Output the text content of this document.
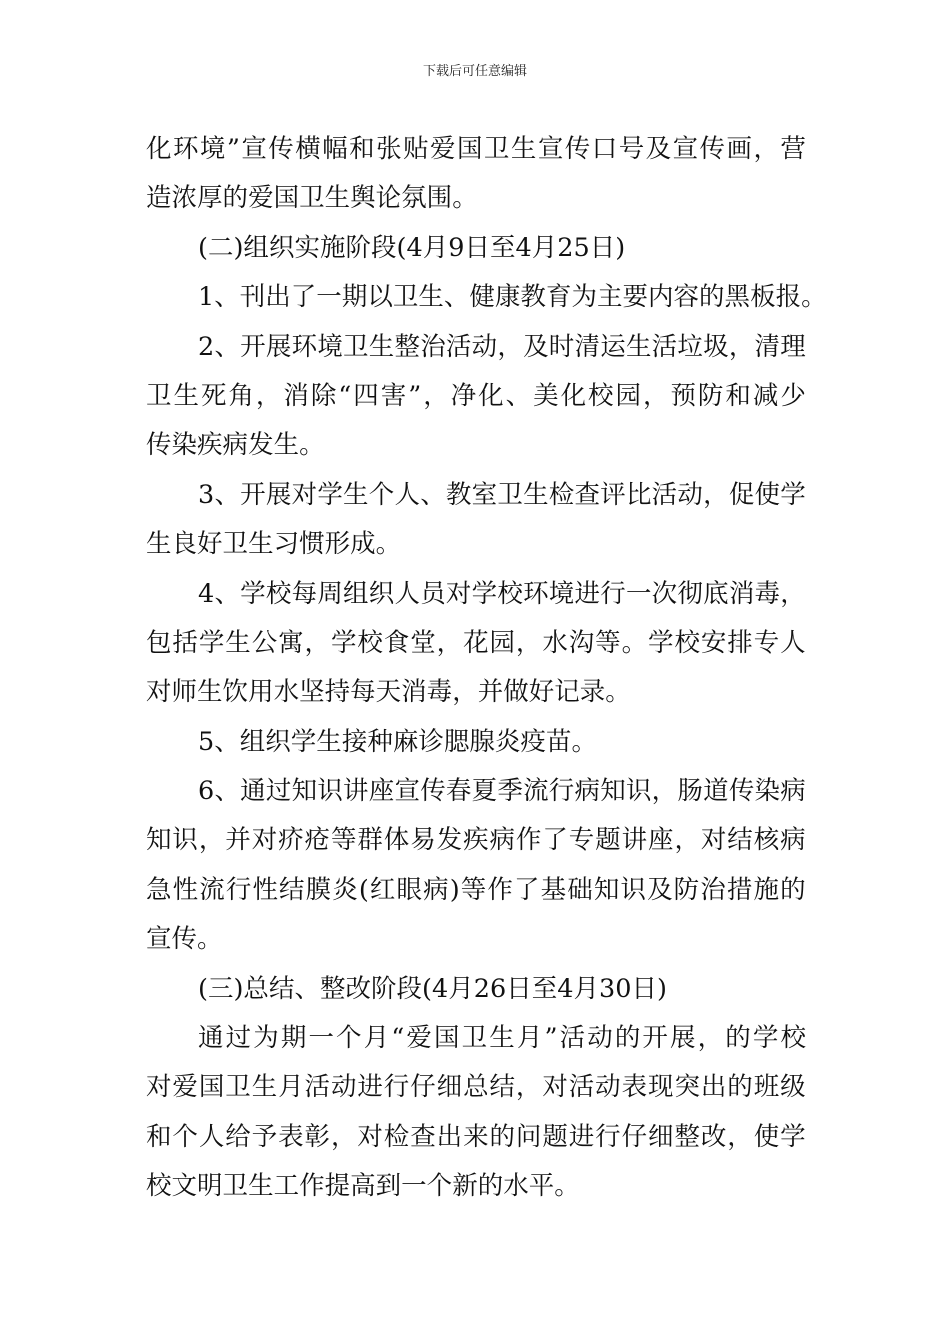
下载后可任意编辑
化 环 境 ” 宣 传 横 幅 和 张 贴 爱 国 卫 生 宣 传 口 号 及 宣 传 画 ， 营
造 浓 厚 的 爱 国 卫 生 舆 论 氛 围 。
( 二 ) 组 织 实 施 阶 段 ( 4 月 9 日 至 4 月 2 5 日 )
1 、 刊 出 了 一 期 以 卫 生 、 健 康 教 育 为 主 要 内 容 的 黑 板 报 。
2 、 开 展 环 境 卫 生 整 治 活 动 ， 及 时 清 运 生 活 垃 圾 ， 清 理
卫 生 死 角 ， 消 除 “ 四 害 ” ， 净 化 、 美 化 校 园 ， 预 防 和 减 少
传 染 疾 病 发 生 。
3 、 开 展 对 学 生 个 人 、 教 室 卫 生 检 查 评 比 活 动 ， 促 使 学
生 良 好 卫 生 习 惯 形 成 。
4 、 学 校 每 周 组 织 人 员 对 学 校 环 境 进 行 一 次 彻 底 消 毒 ，
包 括 学 生 公 寓 ， 学 校 食 堂 ， 花 园 ， 水 沟 等 。 学 校 安 排 专 人
对 师 生 饮 用 水 坚 持 每 天 消 毒 ， 并 做 好 记 录 。
5 、 组 织 学 生 接 种 麻 诊 腮 腺 炎 疫 苗 。
6 、 通 过 知 识 讲 座 宣 传 春 夏 季 流 行 病 知 识 ， 肠 道 传 染 病
知 识 ， 并 对 疥 疮 等 群 体 易 发 疾 病 作 了 专 题 讲 座 ， 对 结 核 病
急 性 流 行 性 结 膜 炎 ( 红 眼 病 ) 等 作 了 基 础 知 识 及 防 治 措 施 的
宣 传 。
( 三 ) 总 结 、 整 改 阶 段 ( 4 月 2 6 日 至 4 月 3 0 日 )
通 过 为 期 一 个 月 “ 爱 国 卫 生 月 ” 活 动 的 开 展 ， 的 学 校
对 爱 国 卫 生 月 活 动 进 行 仔 细 总 结 ， 对 活 动 表 现 突 出 的 班 级
和 个 人 给 予 表 彰 ， 对 检 查 出 来 的 问 题 进 行 仔 细 整 改 ， 使 学
校 文 明 卫 生 工 作 提 高 到 一 个 新 的 水 平 。
